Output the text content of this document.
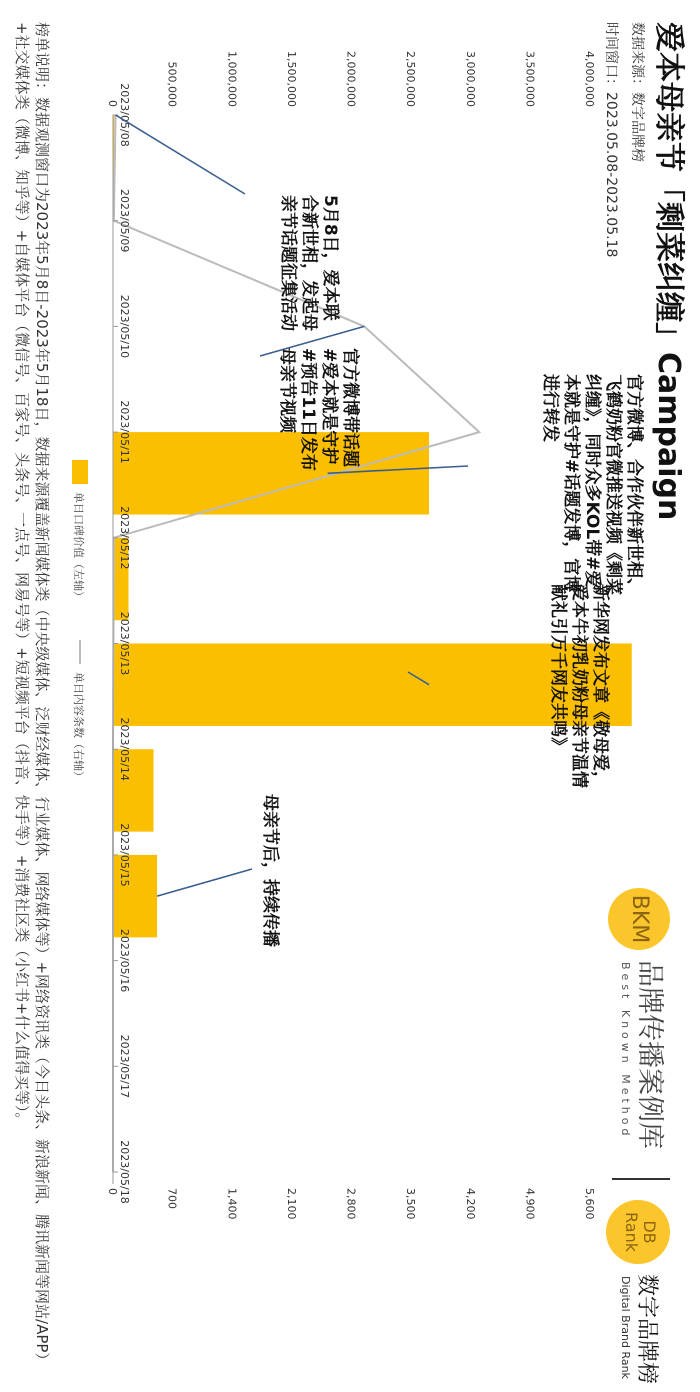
爱本母亲节「剩菜纠缠」Campaign
数据来源：数字品牌榜
时间窗口：2023.05.08-2023.05.18
BKM
品牌传播案例库
Best Known Method
DB
Rank
数字品牌榜
Digital Brand Rank
2023/05/08
2023/05/09
2023/05/10
2023/05/11
2023/05/12
2023/05/13
2023/05/14
2023/05/15
2023/05/16
2023/05/17
2023/05/18
0	500,000	1,000,000	1,500,000	2,000,000	2,500,000	3,000,000	3,500,000	4,000,000
0	700	1,400	2,100	2,800	3,500	4,200	4,900	5,600
单日口碑价值（左轴）
单日内容条数（右轴）
5月8日，爱本联合新世相，发起母亲节话题征集活动
官方微博带话题#爱本就是守护#预告11日发布母亲节视频	官方微博、合作伙伴新世相、飞鹤奶粉官微推送视频《剩菜纠缠》，同时众多KOL带#爱本就是守护#话题发博，官博进行转发
新华网发布文章《敬母爱，爱本牛初乳奶粉母亲节温情献礼引万千网友共鸣》
母亲节后，持续传播
榜单说明：数据观测窗口为2023年5月8日-2023年5月18日，数据来源覆盖新闻媒体类（中央级媒体、泛财经媒体、行业媒体、网络媒体等）+网络资讯类（今日头条、新浪新闻、腾讯新闻等网站/APP）+社交媒体类（微博、知乎等）+自媒体平台（微信号、百家号、头条号、一点号、网易号等）+短视频平台（抖音、快手等）+消费社区类（小红书+什么值得买等）。
